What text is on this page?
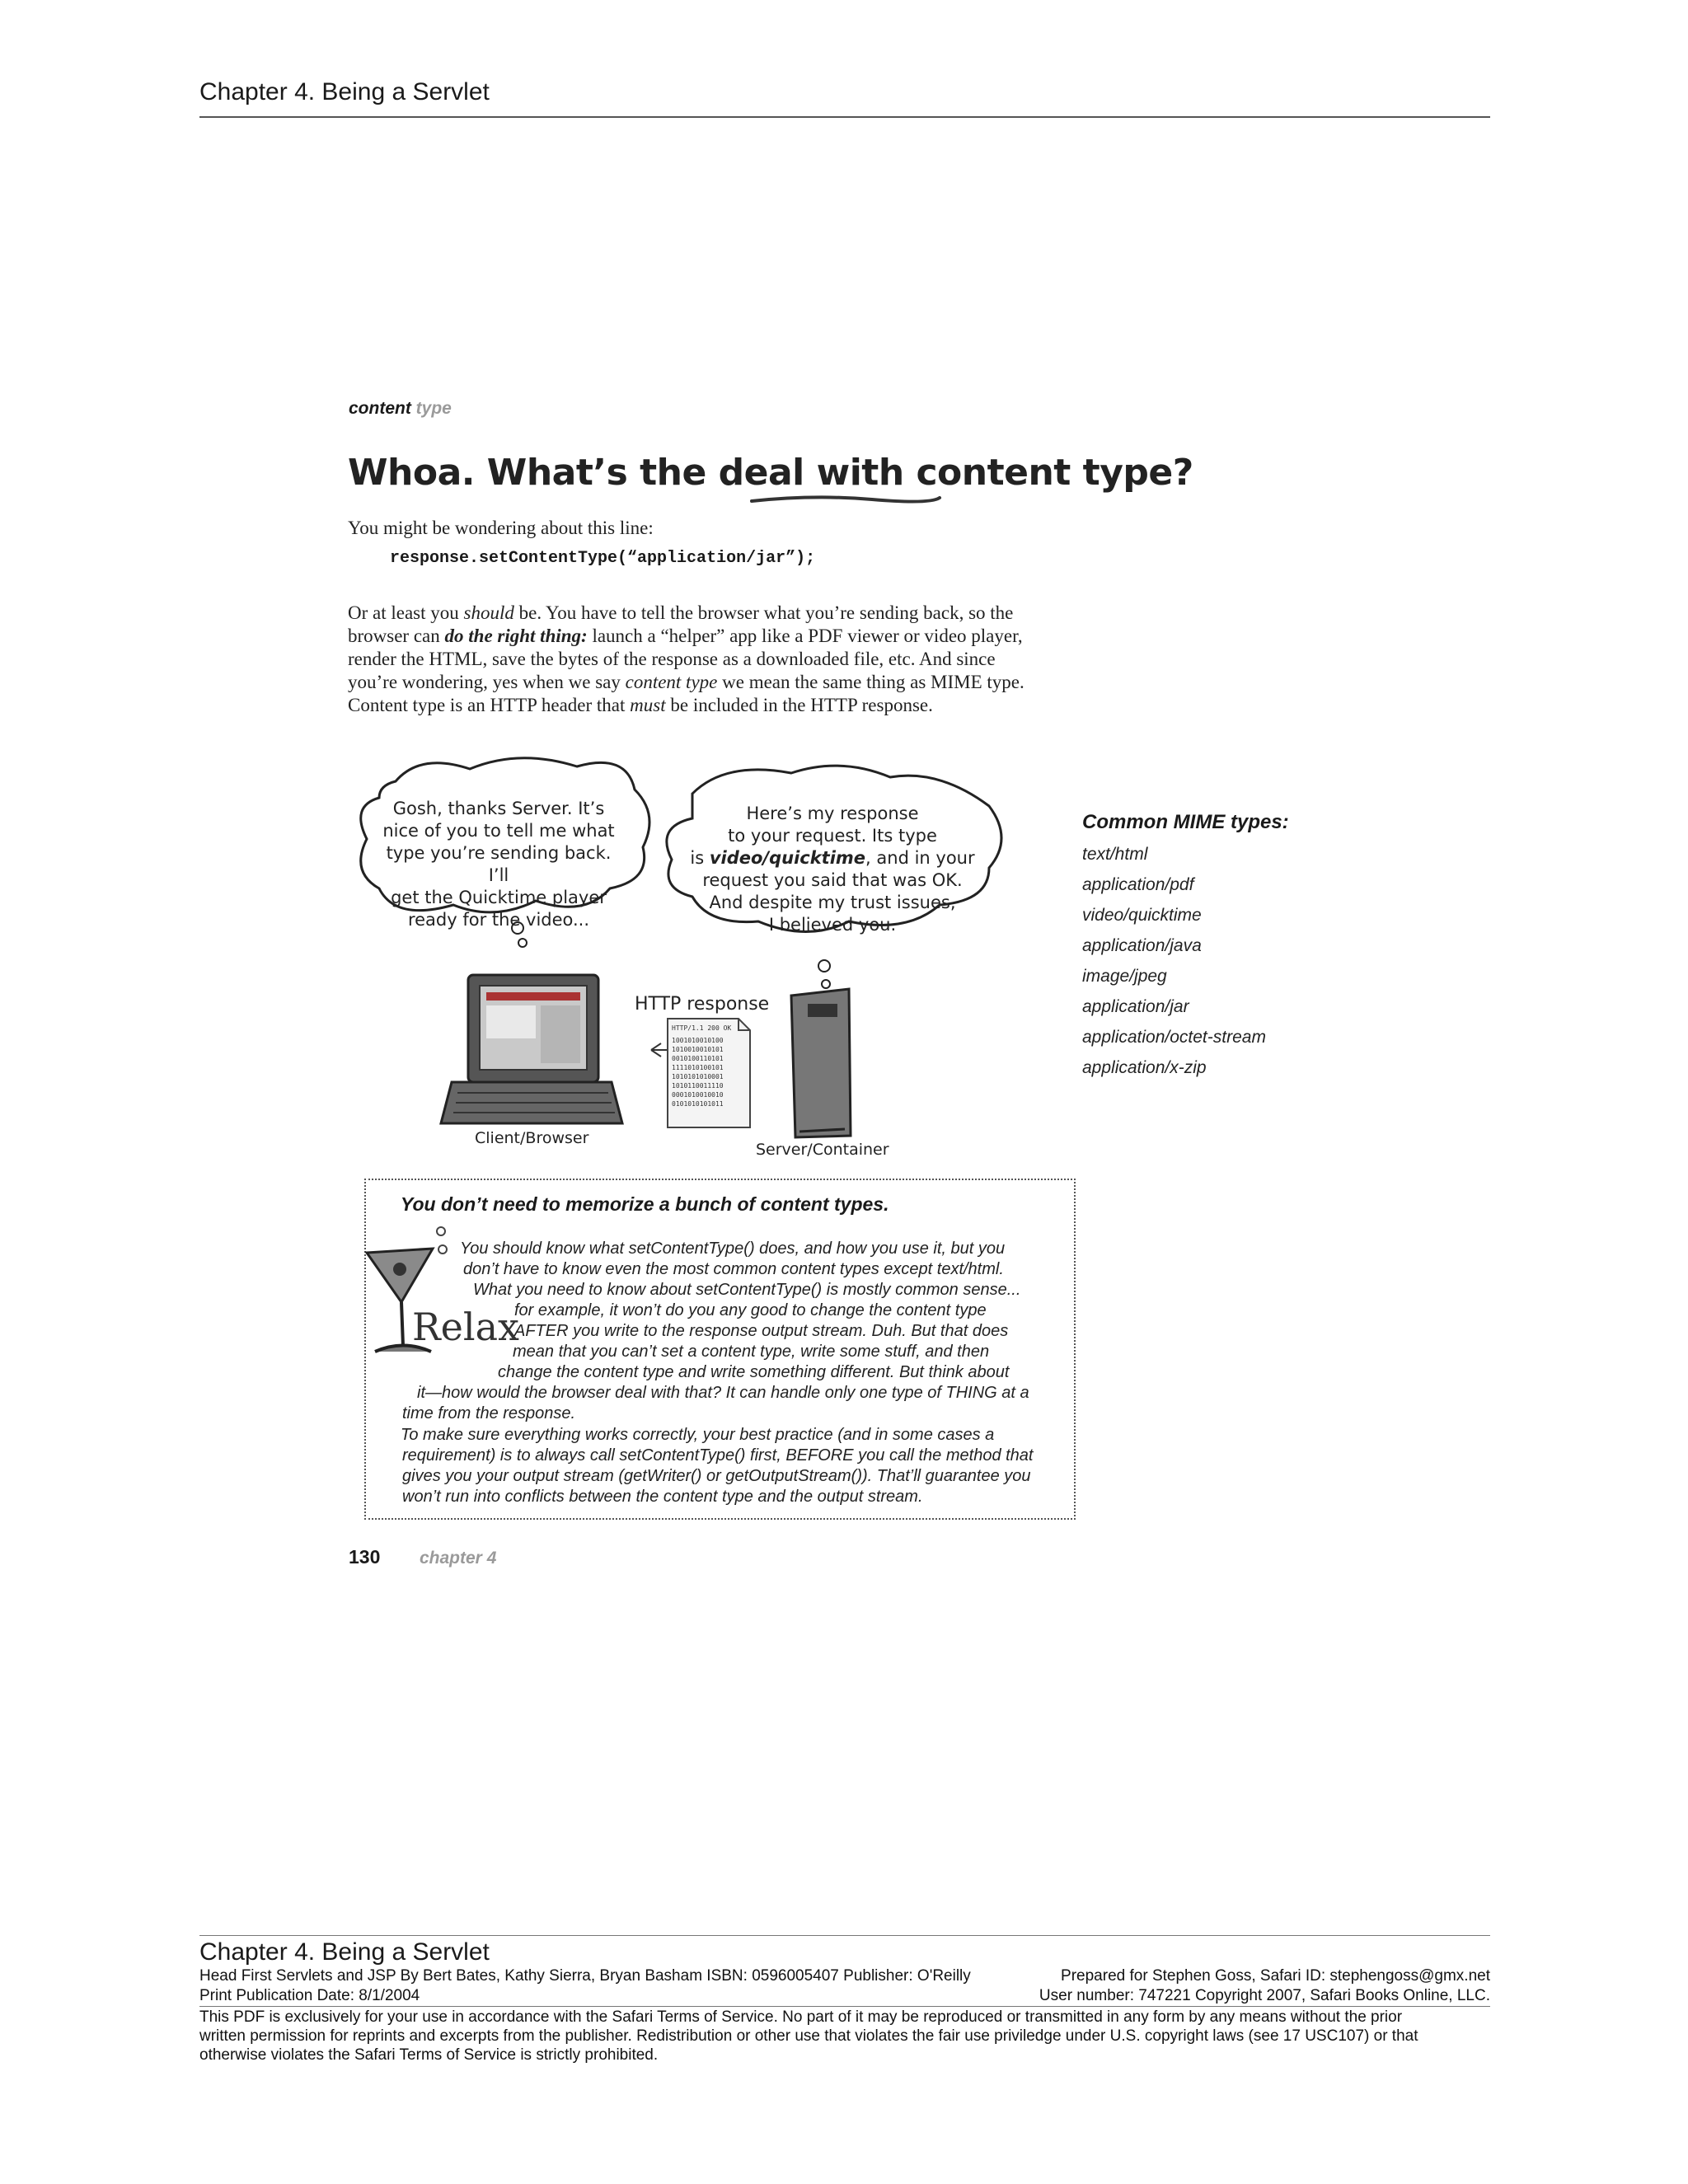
Chapter 4. Being a Servlet
content type
Whoa. What’s the deal with content type?
You might be wondering about this line:
response.setContentType(“application/jar”);
Or at least you should be. You have to tell the browser what you’re sending back, so the
browser can do the right thing: launch a “helper” app like a PDF viewer or video player,
render the HTML, save the bytes of the response as a downloaded file, etc. And since
you’re wondering, yes when we say content type we mean the same thing as MIME type.
Content type is an HTTP header that must be included in the HTTP response.
Gosh, thanks Server. It’s
nice of you to tell me what
type you’re sending back. I’ll
get the Quicktime player
ready for the video...
Here’s my response
to your request. Its type
is video/quicktime, and in your
request you said that was OK.
And despite my trust issues,
I believed you.
HTTP response
HTTP/1.1 200 OK
1001010010100
1010010010101
0010100110101
1111010100101
1010101010001
1010110011110
0001010010010
0101010101011
Client/Browser
Server/Container
Common MIME types:
text/html
application/pdf
video/quicktime
application/java
image/jpeg
application/jar
application/octet-stream
application/x-zip
You don’t need to memorize a bunch of content types.
Relax
You should know what setContentType() does, and how you use it, but you
don’t have to know even the most common content types except text/html.
What you need to know about setContentType() is mostly common sense...
for example, it won’t do you any good to change the content type
AFTER you write to the response output stream. Duh. But that does
mean that you can’t set a content type, write some stuff, and then
change the content type and write something different. But think about
it—how would the browser deal with that? It can handle only one type of THING at a
time from the response.
To make sure everything works correctly, your best practice (and in some cases a
requirement) is to always call setContentType() first, BEFORE you call the method that
gives you your output stream (getWriter() or getOutputStream()). That’ll guarantee you
won’t run into conflicts between the content type and the output stream.
130 chapter 4
Chapter 4. Being a Servlet
Head First Servlets and JSP By Bert Bates, Kathy Sierra, Bryan Basham ISBN: 0596005407 Publisher: O'Reilly	Prepared for Stephen Goss, Safari ID: stephengoss@gmx.net
Print Publication Date: 8/1/2004	User number: 747221 Copyright 2007, Safari Books Online, LLC.
This PDF is exclusively for your use in accordance with the Safari Terms of Service. No part of it may be reproduced or transmitted in any form by any means without the prior
written permission for reprints and excerpts from the publisher. Redistribution or other use that violates the fair use priviledge under U.S. copyright laws (see 17 USC107) or that
otherwise violates the Safari Terms of Service is strictly prohibited.
